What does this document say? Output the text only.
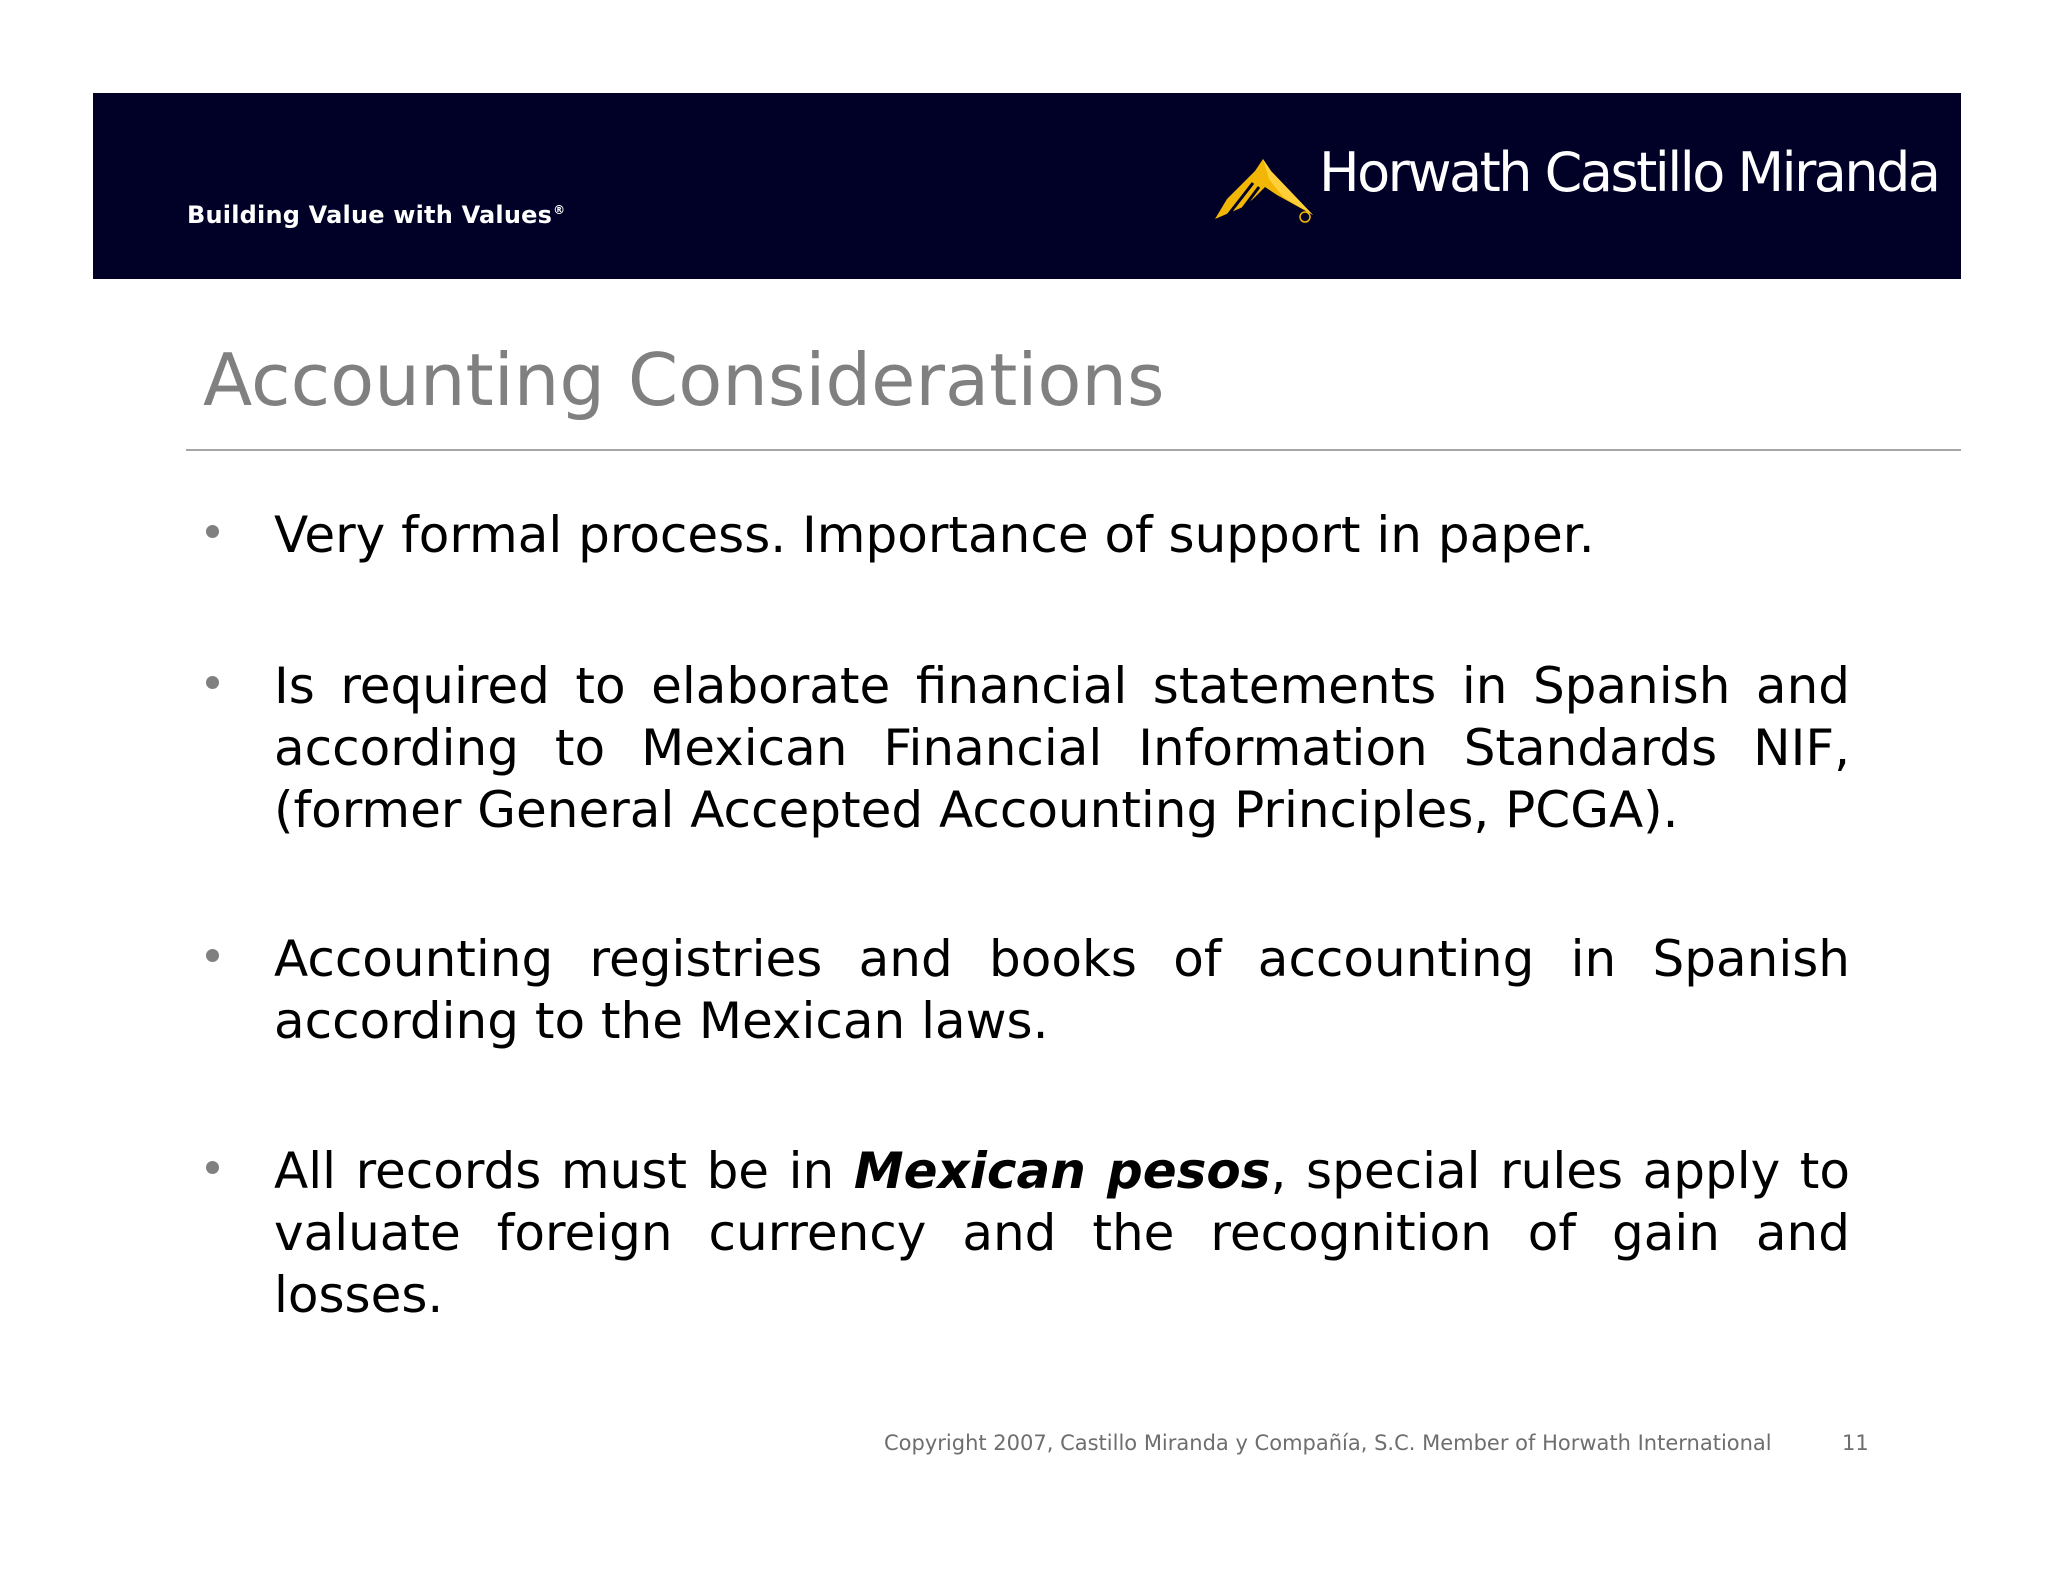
Building Value with Values®
Horwath Castillo Miranda
Accounting Considerations
Very formal process. Importance of support in paper.
Is required to elaborate financial statements in Spanish and according to Mexican Financial Information Standards NIF, (former General Accepted Accounting Principles, PCGA).
Accounting registries and books of accounting in Spanish according to the Mexican laws.
All records must be in Mexican pesos, special rules apply to valuate foreign currency and the recognition of gain and losses.
Copyright 2007, Castillo Miranda y Compañía, S.C. Member of Horwath International	11
